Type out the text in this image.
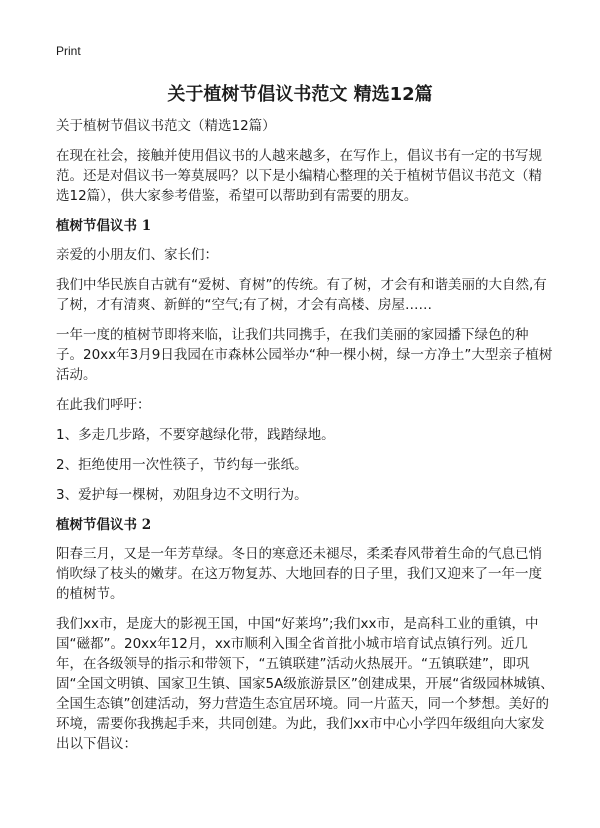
Print
关于植树节倡议书范文 精选12篇

关于植树节倡议书范文（精选12篇）

在现在社会，接触并使用倡议书的人越来越多，在写作上，倡议书有一定的书写规范。还是对倡议书一筹莫展吗？以下是小编精心整理的关于植树节倡议书范文（精选12篇），供大家参考借鉴，希望可以帮助到有需要的朋友。

植树节倡议书 1

亲爱的小朋友们、家长们：

我们中华民族自古就有“爱树、育树”的传统。有了树，才会有和谐美丽的大自然,有了树，才有清爽、新鲜的“空气;有了树，才会有高楼、房屋……

一年一度的植树节即将来临，让我们共同携手，在我们美丽的家园播下绿色的种子。20xx年3月9日我园在市森林公园举办“种一棵小树，绿一方净土”大型亲子植树活动。

在此我们呼吁：

1、多走几步路，不要穿越绿化带，践踏绿地。

2、拒绝使用一次性筷子，节约每一张纸。

3、爱护每一棵树，劝阻身边不文明行为。

植树节倡议书 2

阳春三月，又是一年芳草绿。冬日的寒意还未褪尽，柔柔春风带着生命的气息已悄悄吹绿了枝头的嫩芽。在这万物复苏、大地回春的日子里，我们又迎来了一年一度的植树节。

我们xx市，是庞大的影视王国，中国“好莱坞”;我们xx市，是高科工业的重镇，中国“磁都”。20xx年12月，xx市顺利入围全省首批小城市培育试点镇行列。近几年，在各级领导的指示和带领下，“五镇联建”活动火热展开。“五镇联建”，即巩固“全国文明镇、国家卫生镇、国家5A级旅游景区”创建成果，开展“省级园林城镇、全国生态镇”创建活动，努力营造生态宜居环境。同一片蓝天，同一个梦想。美好的环境，需要你我携起手来，共同创建。为此，我们xx市中心小学四年级组向大家发出以下倡议：
